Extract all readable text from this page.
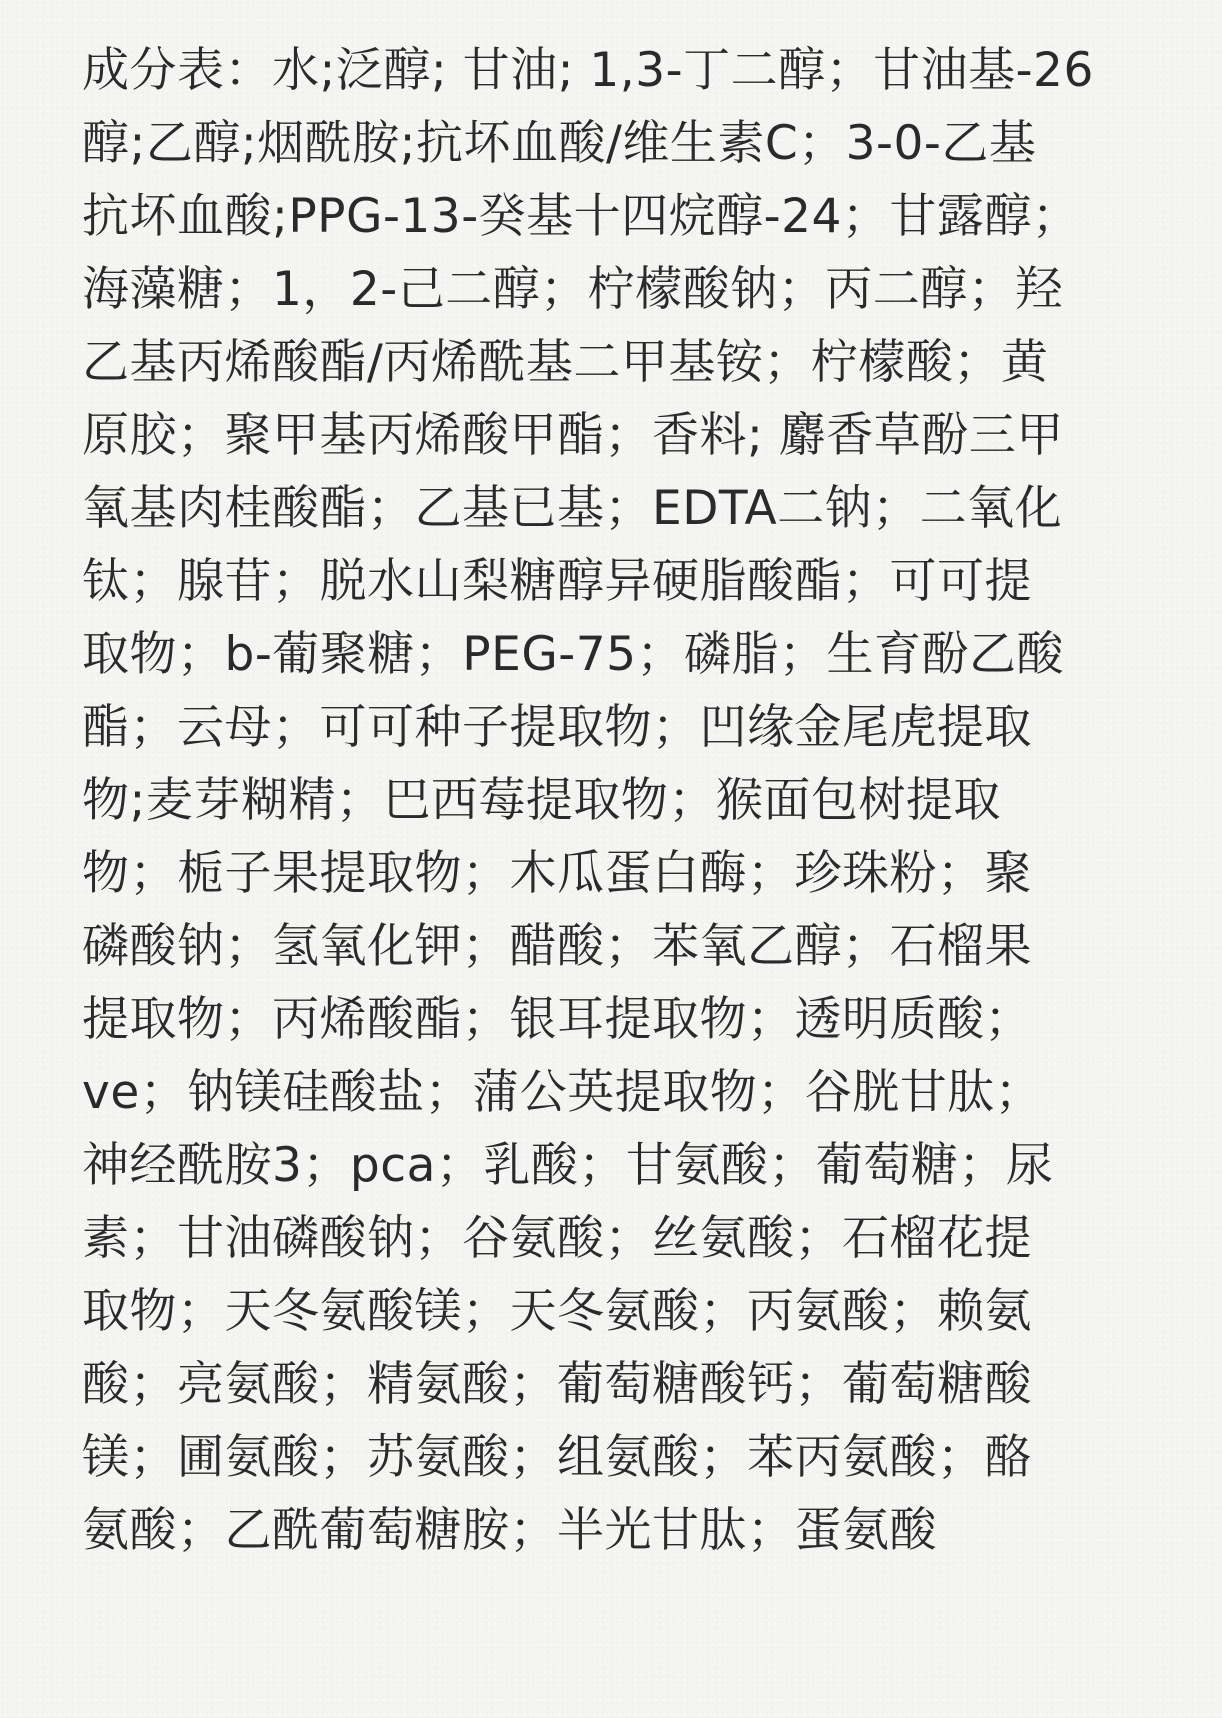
成分表：水;泛醇; 甘油; 1,3-丁二醇；甘油基-26
醇;乙醇;烟酰胺;抗坏血酸/维生素C；3-0-乙基
抗坏血酸;PPG-13-癸基十四烷醇-24；甘露醇；
海藻糖；1，2-己二醇；柠檬酸钠；丙二醇；羟
乙基丙烯酸酯/丙烯酰基二甲基铵；柠檬酸；黄
原胶；聚甲基丙烯酸甲酯；香料; 麝香草酚三甲
氧基肉桂酸酯；乙基已基；EDTA二钠；二氧化
钛；腺苷；脱水山梨糖醇异硬脂酸酯；可可提
取物；b-葡聚糖；PEG-75；磷脂；生育酚乙酸
酯；云母；可可种子提取物；凹缘金尾虎提取
物;麦芽糊精；巴西莓提取物；猴面包树提取
物；栀子果提取物；木瓜蛋白酶；珍珠粉；聚
磷酸钠；氢氧化钾；醋酸；苯氧乙醇；石榴果
提取物；丙烯酸酯；银耳提取物；透明质酸；
ve；钠镁硅酸盐；蒲公英提取物；谷胱甘肽；
神经酰胺3；pca；乳酸；甘氨酸；葡萄糖；尿
素；甘油磷酸钠；谷氨酸；丝氨酸；石榴花提
取物；天冬氨酸镁；天冬氨酸；丙氨酸；赖氨
酸；亮氨酸；精氨酸；葡萄糖酸钙；葡萄糖酸
镁；圃氨酸；苏氨酸；组氨酸；苯丙氨酸；酪
氨酸；乙酰葡萄糖胺；半光甘肽；蛋氨酸
